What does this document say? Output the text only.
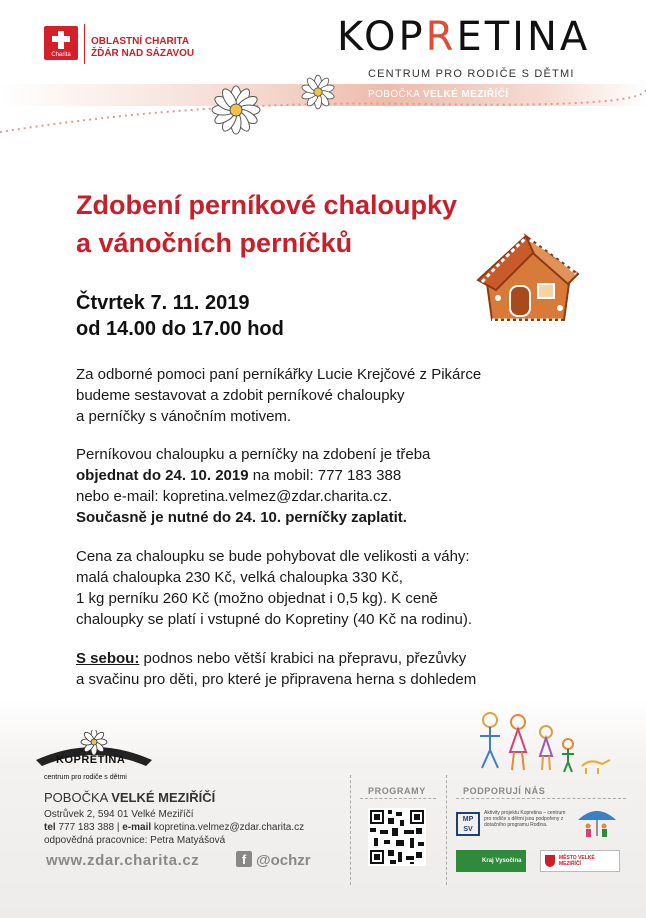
Charita
OBLASTNÍ CHARITA
ŽĎÁR NAD SÁZAVOU	KOPRETINA
CENTRUM PRO RODIČE S DĚTMI
POBOČKA VELKÉ MEZIŘÍČÍ
Zdobení perníkové chaloupky
a vánočních perníčků
Čtvrtek 7. 11. 2019
od 14.00 do 17.00 hod
Za odborné pomoci paní perníkářky Lucie Krejčové z Pikárce
budeme sestavovat a zdobit perníkové chaloupky
a perníčky s vánočním motivem.
Perníkovou chaloupku a perníčky na zdobení je třeba
objednat do 24. 10. 2019 na mobil: 777 183 388
nebo e-mail: kopretina.velmez@zdar.charita.cz.
Současně je nutné do 24. 10. perníčky zaplatit.
Cena za chaloupku se bude pohybovat dle velikosti a váhy:
malá chaloupka 230 Kč, velká chaloupka 330 Kč,
1 kg perníku 260 Kč (možno objednat i 0,5 kg). K ceně
chaloupky se platí i vstupné do Kopretiny (40 Kč na rodinu).
S sebou: podnos nebo větší krabici na přepravu, přezůvky
a svačinu pro děti, pro které je připravena herna s dohledem
KOPRETINA
centrum pro rodiče s dětmi
POBOČKA VELKÉ MEZIŘÍČÍ
Ostrůvek 2, 594 01 Velké Meziříčí
tel 777 183 388 | e-mail kopretina.velmez@zdar.charita.cz
odpovědná pracovnice: Petra Matyášová
www.zdar.charita.cz	f @ochzr
PROGRAMY	PODPORUJÍ NÁS
MP SV
Aktivity projektu Kopretina – centrum pro rodiče s dětmi jsou podpořeny z dotačního programu Rodina.
Kraj Vysočina	MĚSTO VELKÉ MEZIŘÍČÍ
